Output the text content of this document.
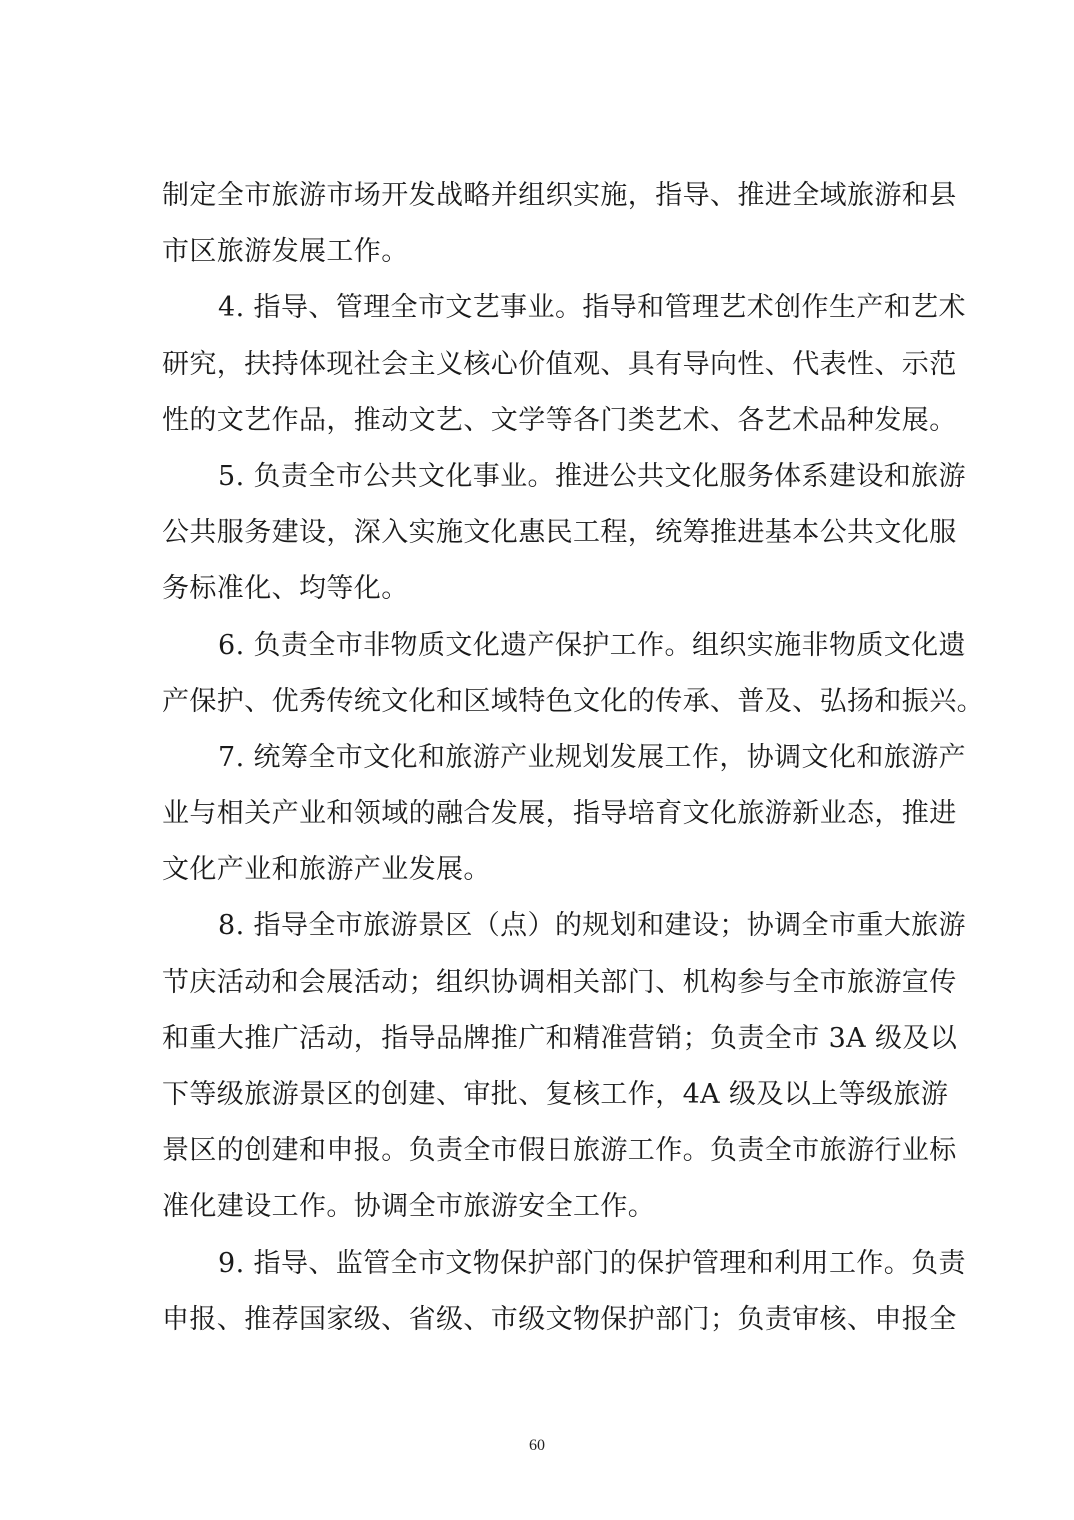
制定全市旅游市场开发战略并组织实施，指导、推进全域旅游和县
市区旅游发展工作。
4. 指导、管理全市文艺事业。指导和管理艺术创作生产和艺术
研究，扶持体现社会主义核心价值观、具有导向性、代表性、示范
性的文艺作品，推动文艺、文学等各门类艺术、各艺术品种发展。
5. 负责全市公共文化事业。推进公共文化服务体系建设和旅游
公共服务建设，深入实施文化惠民工程，统筹推进基本公共文化服
务标准化、均等化。
6. 负责全市非物质文化遗产保护工作。组织实施非物质文化遗
产保护、优秀传统文化和区域特色文化的传承、普及、弘扬和振兴。
7. 统筹全市文化和旅游产业规划发展工作，协调文化和旅游产
业与相关产业和领域的融合发展，指导培育文化旅游新业态，推进
文化产业和旅游产业发展。
8. 指导全市旅游景区（点）的规划和建设；协调全市重大旅游
节庆活动和会展活动；组织协调相关部门、机构参与全市旅游宣传
和重大推广活动，指导品牌推广和精准营销；负责全市 3A 级及以
下等级旅游景区的创建、审批、复核工作，4A 级及以上等级旅游
景区的创建和申报。负责全市假日旅游工作。负责全市旅游行业标
准化建设工作。协调全市旅游安全工作。
9. 指导、监管全市文物保护部门的保护管理和利用工作。负责
申报、推荐国家级、省级、市级文物保护部门；负责审核、申报全
60
